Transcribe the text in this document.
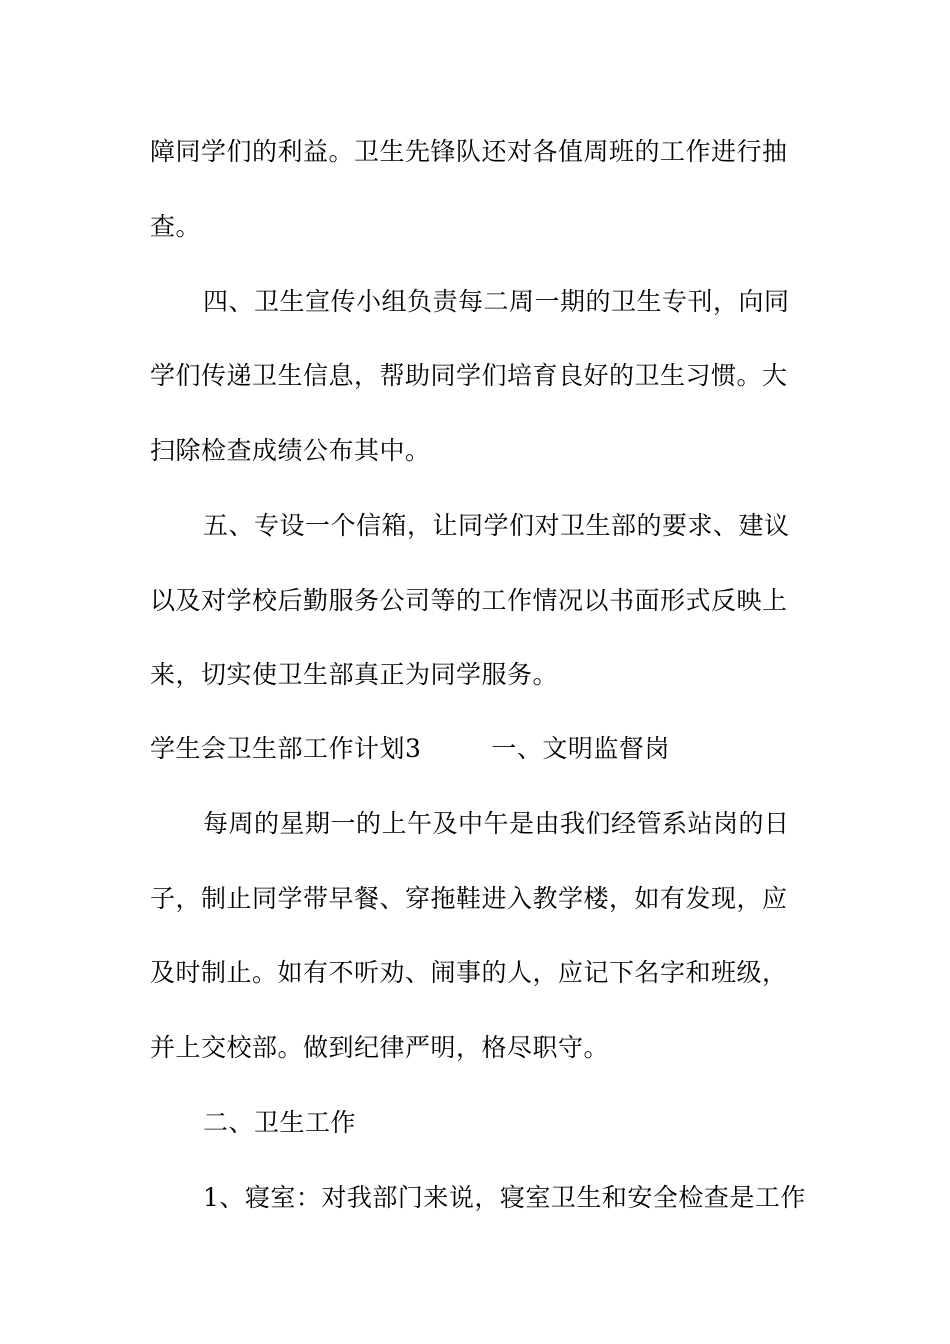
障同学们的利益。卫生先锋队还对各值周班的工作进行抽
查。
四、卫生宣传小组负责每二周一期的卫生专刊，向同
学们传递卫生信息，帮助同学们培育良好的卫生习惯。大
扫除检查成绩公布其中。
五、专设一个信箱，让同学们对卫生部的要求、建议
以及对学校后勤服务公司等的工作情况以书面形式反映上
来，切实使卫生部真正为同学服务。
学生会卫生部工作计划3	一、文明监督岗
每周的星期一的上午及中午是由我们经管系站岗的日
子，制止同学带早餐、穿拖鞋进入教学楼，如有发现，应
及时制止。如有不听劝、闹事的人，应记下名字和班级，
并上交校部。做到纪律严明，格尽职守。
二、卫生工作
1、寝室：对我部门来说，寝室卫生和安全检查是工作
